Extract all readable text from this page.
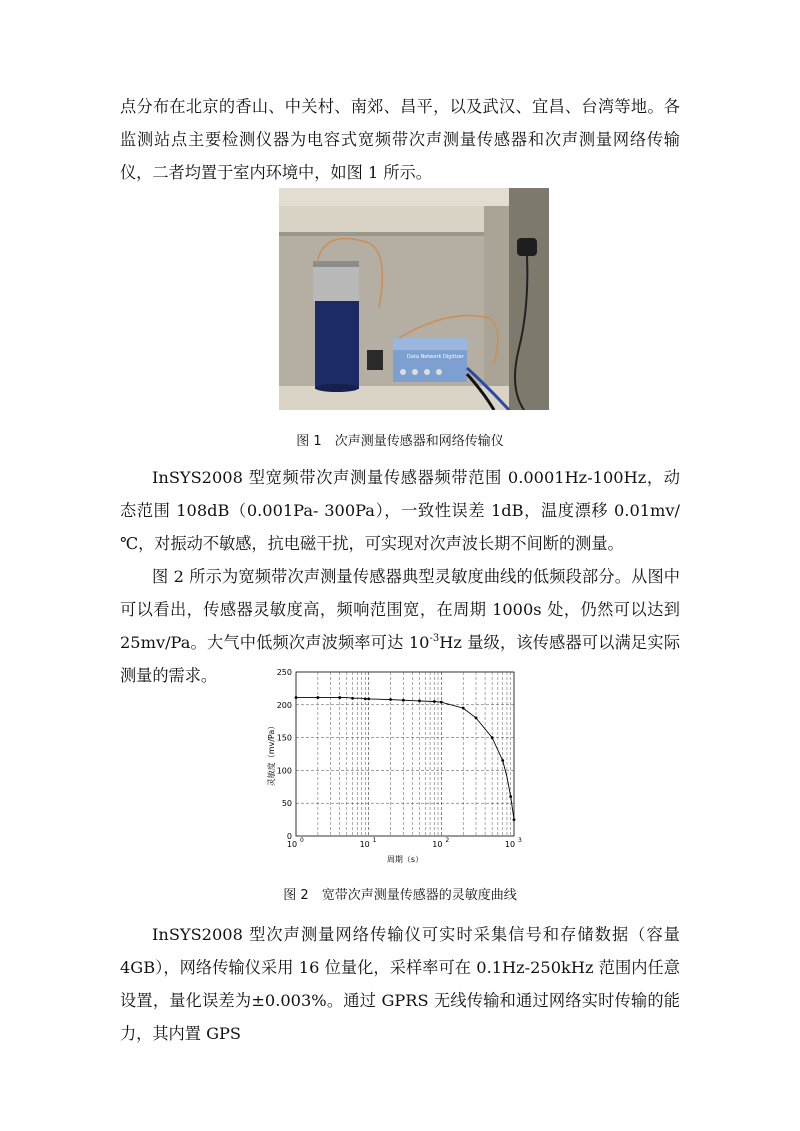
点分布在北京的香山、中关村、南郊、昌平，以及武汉、宜昌、台湾等地。各监测站点主要检测仪器为电容式宽频带次声测量传感器和次声测量网络传输仪，二者均置于室内环境中，如图 1 所示。

Data Network Digitizer
图 1　次声测量传感器和网络传输仪

InSYS2008 型宽频带次声测量传感器频带范围 0.0001Hz-100Hz，动态范围 108dB（0.001Pa- 300Pa），一致性误差 1dB，温度漂移 0.01mv/℃，对振动不敏感，抗电磁干扰，可实现对次声波长期不间断的测量。

图 2 所示为宽频带次声测量传感器典型灵敏度曲线的低频段部分。从图中可以看出，传感器灵敏度高，频响范围宽，在周期 1000s 处，仍然可以达到 25mv/Pa。大气中低频次声波频率可达 $10^{-3}Hz$ 量级，该传感器可以满足实际测量的需求。

0
50
100
150
200
250
10 0	10 1	10 2	10 3
周期（s）
灵敏度（mv/Pa）
图 2　宽带次声测量传感器的灵敏度曲线

InSYS2008 型次声测量网络传输仪可实时采集信号和存储数据（容量 4GB），网络传输仪采用 16 位量化，采样率可在 0.1Hz-250kHz 范围内任意设置，量化误差为±0.003%。通过 GPRS 无线传输和通过网络实时传输的能力，其内置 GPS
